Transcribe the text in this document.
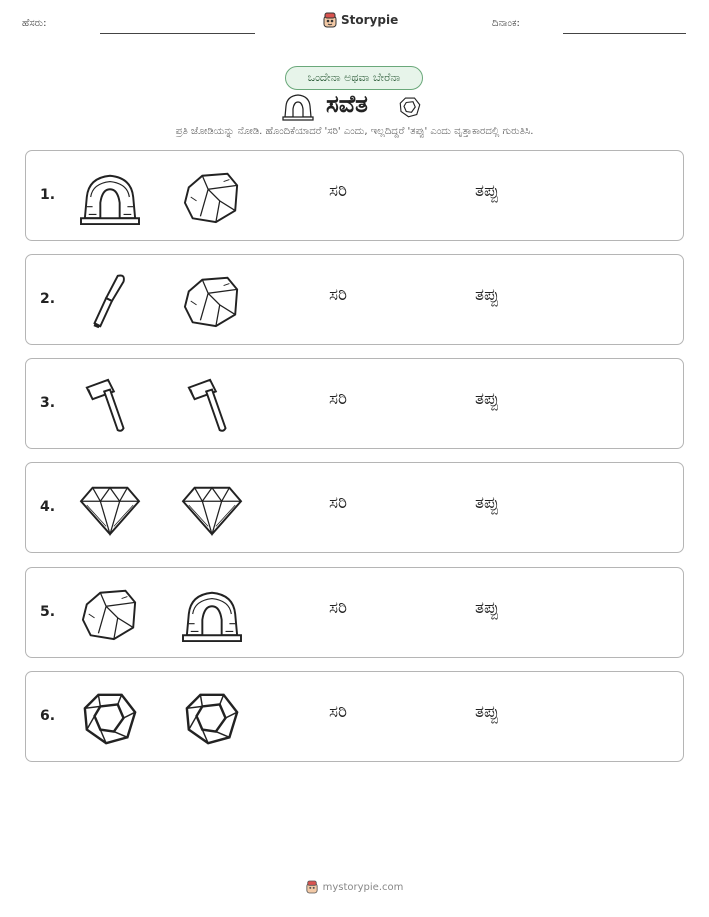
ಹೆಸರು:	Storypie	ದಿನಾಂಕ:
ಒಂದೇನಾ ಅಥವಾ ಬೇರೆನಾ
ಸವೆತ
ಪ್ರತಿ ಜೋಡಿಯನ್ನು ನೋಡಿ. ಹೊಂದಿಕೆಯಾದರೆ 'ಸರಿ' ಎಂದು, ಇಲ್ಲದಿದ್ದರೆ 'ತಪ್ಪು' ಎಂದು ವೃತ್ತಾಕಾರದಲ್ಲಿ ಗುರುತಿಸಿ.
1.	ಸರಿ	ತಪ್ಪು
2.	ಸರಿ	ತಪ್ಪು
3.	ಸರಿ	ತಪ್ಪು
4.	ಸರಿ	ತಪ್ಪು
5.	ಸರಿ	ತಪ್ಪು
6.	ಸರಿ	ತಪ್ಪು
mystorypie.com
